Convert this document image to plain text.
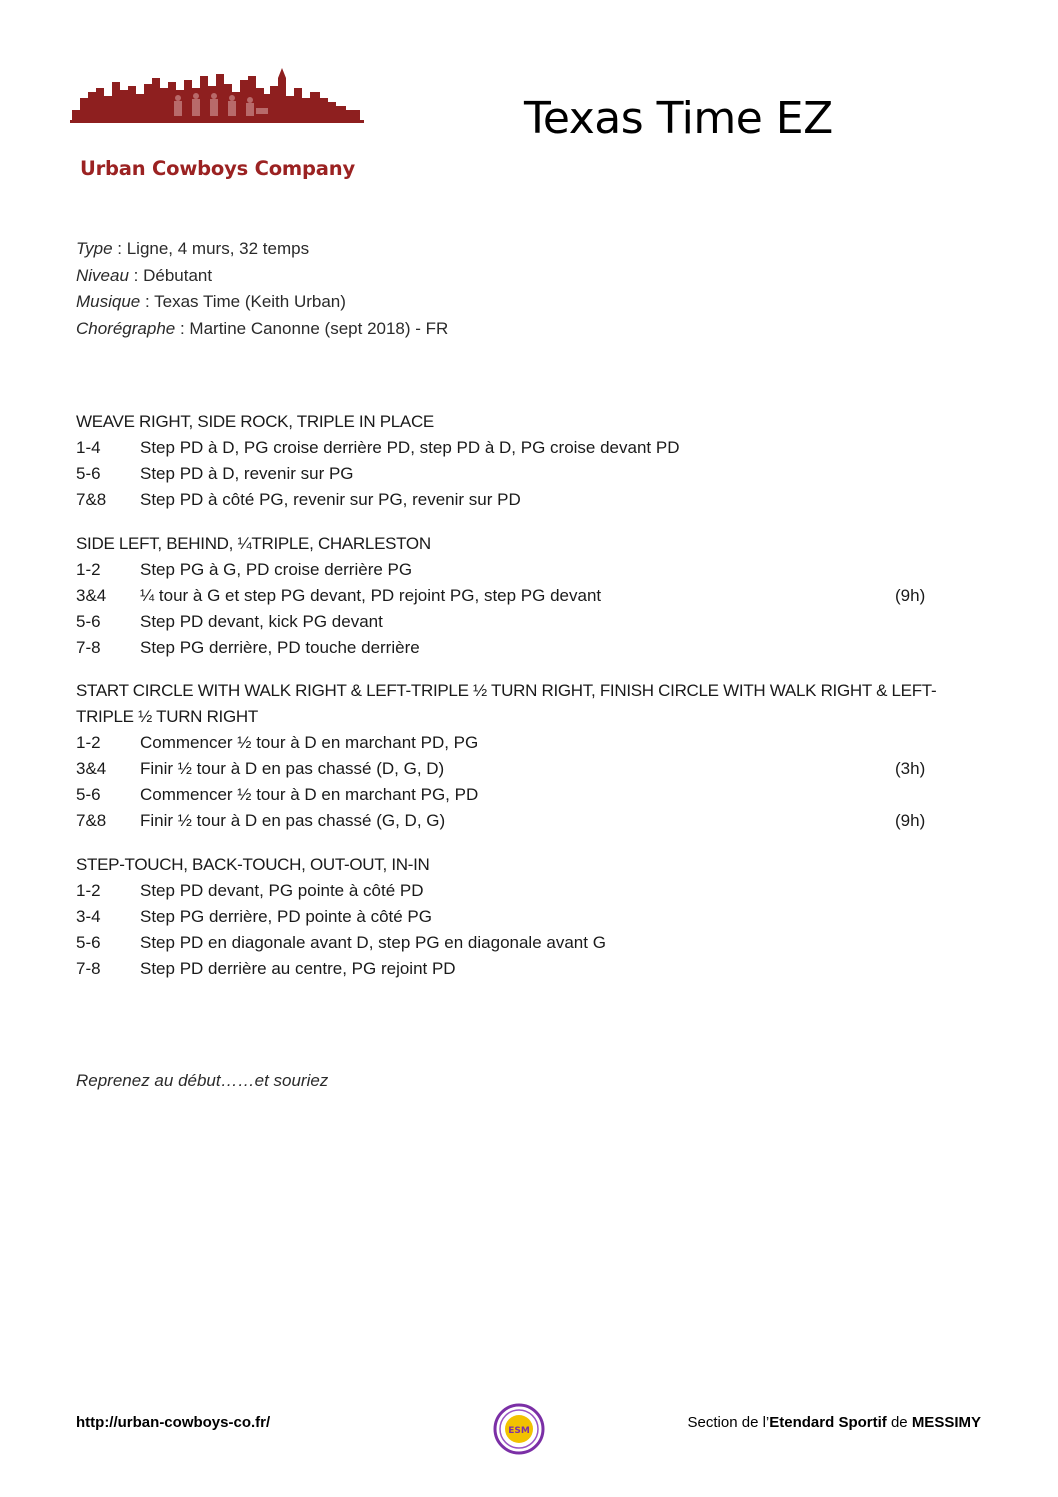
Urban Cowboys Company
Texas Time EZ
Type : Ligne, 4 murs, 32 temps
Niveau : Débutant
Musique : Texas Time (Keith Urban)
Chorégraphe : Martine Canonne (sept 2018) - FR
WEAVE RIGHT, SIDE ROCK, TRIPLE IN PLACE
1-4 Step PD à D, PG croise derrière PD, step PD à D, PG croise devant PD
5-6 Step PD à D, revenir sur PG
7&8 Step PD à côté PG, revenir sur PG, revenir sur PD
SIDE LEFT, BEHIND, ¼TRIPLE, CHARLESTON
1-2 Step PG à G, PD croise derrière PG
3&4 ¼ tour à G et step PG devant, PD rejoint PG, step PG devant	(9h)
5-6 Step PD devant, kick PG devant
7-8 Step PG derrière, PD touche derrière
START CIRCLE WITH WALK RIGHT & LEFT-TRIPLE ½ TURN RIGHT, FINISH CIRCLE WITH WALK RIGHT & LEFT-TRIPLE ½ TURN RIGHT
1-2 Commencer ½ tour à D en marchant PD, PG
3&4 Finir ½ tour à D en pas chassé (D, G, D)	(3h)
5-6 Commencer ½ tour à D en marchant PG, PD
7&8 Finir ½ tour à D en pas chassé (G, D, G)	(9h)
STEP-TOUCH, BACK-TOUCH, OUT-OUT, IN-IN
1-2 Step PD devant, PG pointe à côté PD
3-4 Step PG derrière, PD pointe à côté PG
5-6 Step PD en diagonale avant D, step PG en diagonale avant G
7-8 Step PD derrière au centre, PG rejoint PD
Reprenez au début……et souriez
http://urban-cowboys-co.fr/	ESM	Section de l’Etendard Sportif de MESSIMY
